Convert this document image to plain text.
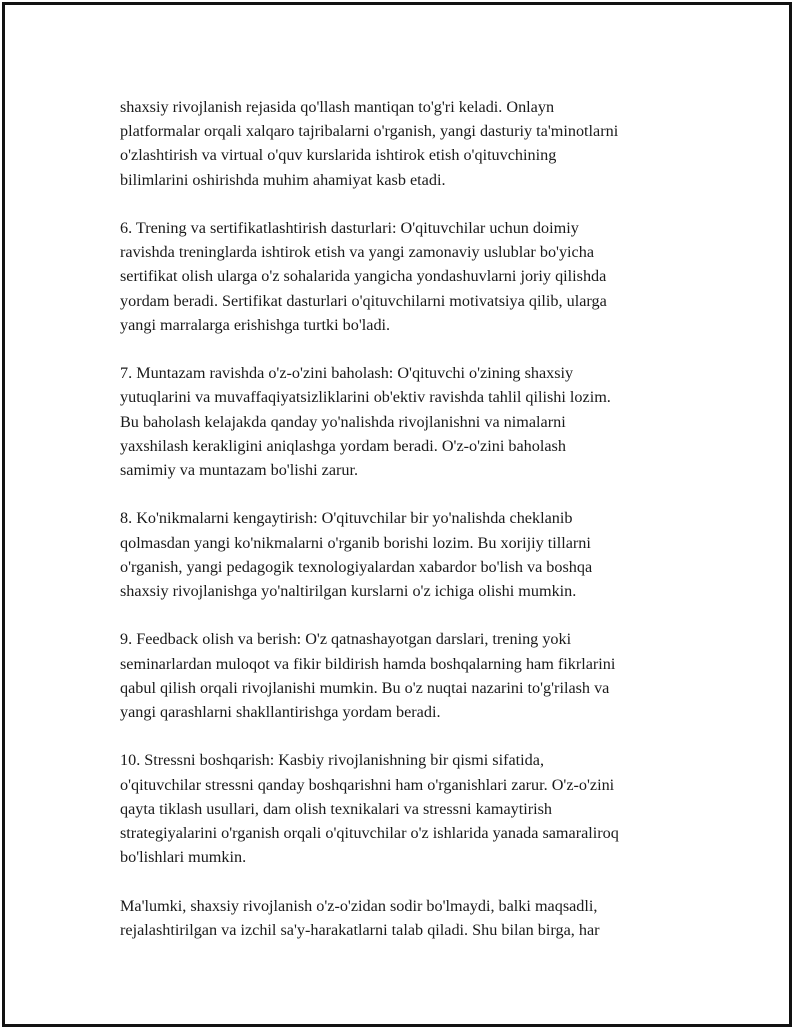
shaxsiy rivojlanish rejasida qo'llash mantiqan to'g'ri keladi. Onlayn
platformalar orqali xalqaro tajribalarni o'rganish, yangi dasturiy ta'minotlarni
o'zlashtirish va virtual o'quv kurslarida ishtirok etish o'qituvchining
bilimlarini oshirishda muhim ahamiyat kasb etadi.

6. Trening va sertifikatlashtirish dasturlari: O'qituvchilar uchun doimiy
ravishda treninglarda ishtirok etish va yangi zamonaviy uslublar bo'yicha
sertifikat olish ularga o'z sohalarida yangicha yondashuvlarni joriy qilishda
yordam beradi. Sertifikat dasturlari o'qituvchilarni motivatsiya qilib, ularga
yangi marralarga erishishga turtki bo'ladi.

7. Muntazam ravishda o'z-o'zini baholash: O'qituvchi o'zining shaxsiy
yutuqlarini va muvaffaqiyatsizliklarini ob'ektiv ravishda tahlil qilishi lozim.
Bu baholash kelajakda qanday yo'nalishda rivojlanishni va nimalarni
yaxshilash kerakligini aniqlashga yordam beradi. O'z-o'zini baholash
samimiy va muntazam bo'lishi zarur.

8. Ko'nikmalarni kengaytirish: O'qituvchilar bir yo'nalishda cheklanib
qolmasdan yangi ko'nikmalarni o'rganib borishi lozim. Bu xorijiy tillarni
o'rganish, yangi pedagogik texnologiyalardan xabardor bo'lish va boshqa
shaxsiy rivojlanishga yo'naltirilgan kurslarni o'z ichiga olishi mumkin.

9. Feedback olish va berish: O'z qatnashayotgan darslari, trening yoki
seminarlardan muloqot va fikir bildirish hamda boshqalarning ham fikrlarini
qabul qilish orqali rivojlanishi mumkin. Bu o'z nuqtai nazarini to'g'rilash va
yangi qarashlarni shakllantirishga yordam beradi.

10. Stressni boshqarish: Kasbiy rivojlanishning bir qismi sifatida,
o'qituvchilar stressni qanday boshqarishni ham o'rganishlari zarur. O'z-o'zini
qayta tiklash usullari, dam olish texnikalari va stressni kamaytirish
strategiyalarini o'rganish orqali o'qituvchilar o'z ishlarida yanada samaraliroq
bo'lishlari mumkin.

Ma'lumki, shaxsiy rivojlanish o'z-o'zidan sodir bo'lmaydi, balki maqsadli,
rejalashtirilgan va izchil sa'y-harakatlarni talab qiladi. Shu bilan birga, har
